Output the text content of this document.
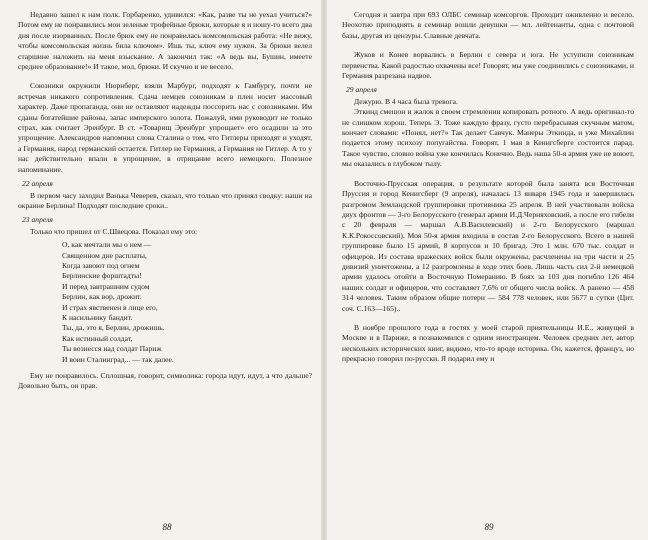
Недавно зашел к нам полк. Горбаренко, удивился: «Как, разве ты не уехал учиться?» Потом ему не понравились мои зеленые трофейные брюки, которые я и ношу-то всего два дня после изорванных. После брюк ему не понравилась комсомольская работа: «Не вижу, чтобы комсомольская жизнь била ключом». Ишь ты, ключ ему нужен. За брюки велел старшине наложить на меня взыскание. А закончил так: «А ведь вы, Бушин, имеете среднее образование!» И такое, мол, брюки. И скучно и не весело.

Союзники окружили Нюрнберг, взяли Марбург, подходят к Гамбургу, почти не встречая никакого сопротивления. Сдача немцев союзникам в плен носит массовый характер. Даже пропаганда, они не оставляют надежды поссорить нас с союзниками. Им сданы богатейшие районы, запас имперского золота. Пожалуй, ими руководит не только страх, как считает Эренбург. В ст. «Товарищ Эренбург упрощает» его осадили за это упрощение. Александров напомнил слова Сталина о том, что Гитлеры приходят и уходят, а Германия, народ германский остается. Гитлер не Германия, а Германия не Гитлер. А то у нас действительно впали в упрощение, в отрицание всего немецкого. Полезное напоминание.

22 апреля

В первом часу заходил Ванька Чеверев, сказал, что только что принял сводку: наши на окраине Берлина! Подходят последние сроки..

23 апреля

Только что пришел от С.Швецова. Показал ему это:

О, как мечтали мы о нем —
Священном дне расплаты,
Когда завоют под огнем
Берлинские форштадты!
И перед завтрашним судом
Берлин, как вор, дрожит.
И страх явственен в лице его,
К насильнику бандит.
Ты, да, это я, Берлин, дрожишь.
Как истинный солдат,
Ты вознесся над солдат Париж
И воин Сталинград... — так далее.

Ему не понравилось. Сплошная, говорит, символика: города идут, идут, а что дальше? Довольно быть, он прав.

88

Сегодня и завтра при 693 ОЛБС семинар комсоргов. Проходит оживленно и весело. Неохотно приподнять в семинар вошли девушки — мл. лейтенанты, одна с почтовой базы, другая из цензуры. Славные девчата.

Жуков и Конев ворвались в Берлин с севера и юга. Не уступили союзникам первенства. Какой радостью охвачены все! Говорят, мы уже соединились с союзниками, и Германия разрезана надвое.

29 апреля

Дежурю. В 4 часа была тревога.

Эткинд смешон и жалок в своем стремлении копировать ротного. А ведь оригинал-то не слишком хорош. Теперь Э. Тоже каждую фразу, густо перебрасывая скучным матом, кончает словами: «Понял, нет?» Так делает Савчук. Манеры Эткинда, и уже Михайлин подается этому психозу попугайства. Говорят, 1 мая в Кенигсберге состоится парад. Такое чувство, словно война уже кончилась Конечно. Ведь наша 50-я армия уже не воюет, мы оказались в глубоком тылу.

Восточно-Прусская операция, в результате которой была занята вся Восточная Пруссия и город Кенигсберг (9 апреля), началась 13 января 1945 года и завершилась разгромом Земландской группировки противника 25 апреля. В ней участвовали войска двух фронтов — 3-го Белорусского (генерал армии И.Д.Черняховский, а после его гибели с 20 февраля — маршал А.В.Василевский) и 2-го Белорусского (маршал К.К.Рокоссовский). Моя 50-я армия входила в состав 2-го Белорусского. Всего в нашей группировке было 15 армий, 8 корпусов и 10 бригад. Это 1 млн. 670 тыс. солдат и офицеров. Из состава вражеских войск были окружены, расчленены на три части и 25 дивизий уничтожены, а 12 разгромлены в ходе этих боев. Лишь часть сил 2-й немецкой армии удалось отойти в Восточную Померанию. В боях за 103 дня погибло 126 464 наших солдат и офицеров, что составляет 7,6% от общего числа войск. А ранено — 458 314 человек. Таким образом общие потери — 584 778 человек, или 5677 в сутки (Цит. соч. С.163—165)..

В ноябре прошлого года в гостях у моей старой приятельницы И.Е., живущей в Москве и в Париже, я познакомился с одним иностранцем. Человек средних лет, автор нескольких исторических книг, видимо, что-то вроде историка. Он, кажется, француз, но прекрасно говорил по-русски. Я подарил ему и

89
